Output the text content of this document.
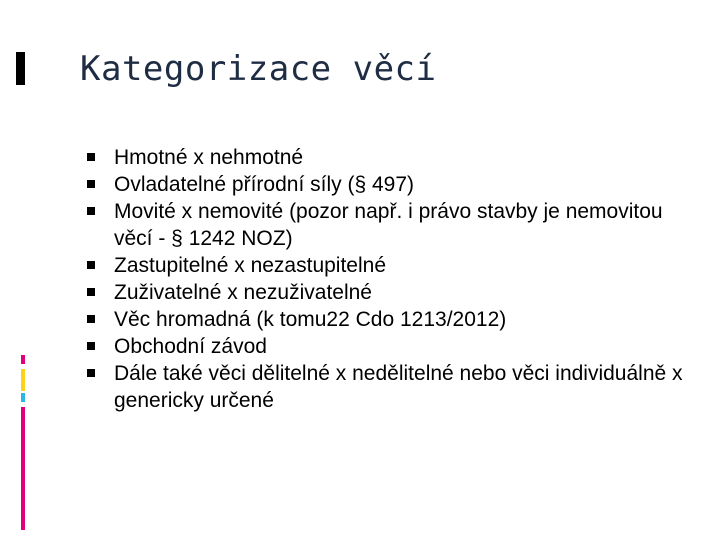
Kategorizace věcí
Hmotné x nehmotné
Ovladatelné přírodní síly (§ 497)
Movité x nemovité (pozor např. i právo stavby je nemovitou věcí - § 1242 NOZ)
Zastupitelné x nezastupitelné
Zuživatelné x nezuživatelné
Věc hromadná (k tomu22 Cdo 1213/2012)
Obchodní závod
Dále také věci dělitelné x nedělitelné nebo věci individuálně x genericky určené
